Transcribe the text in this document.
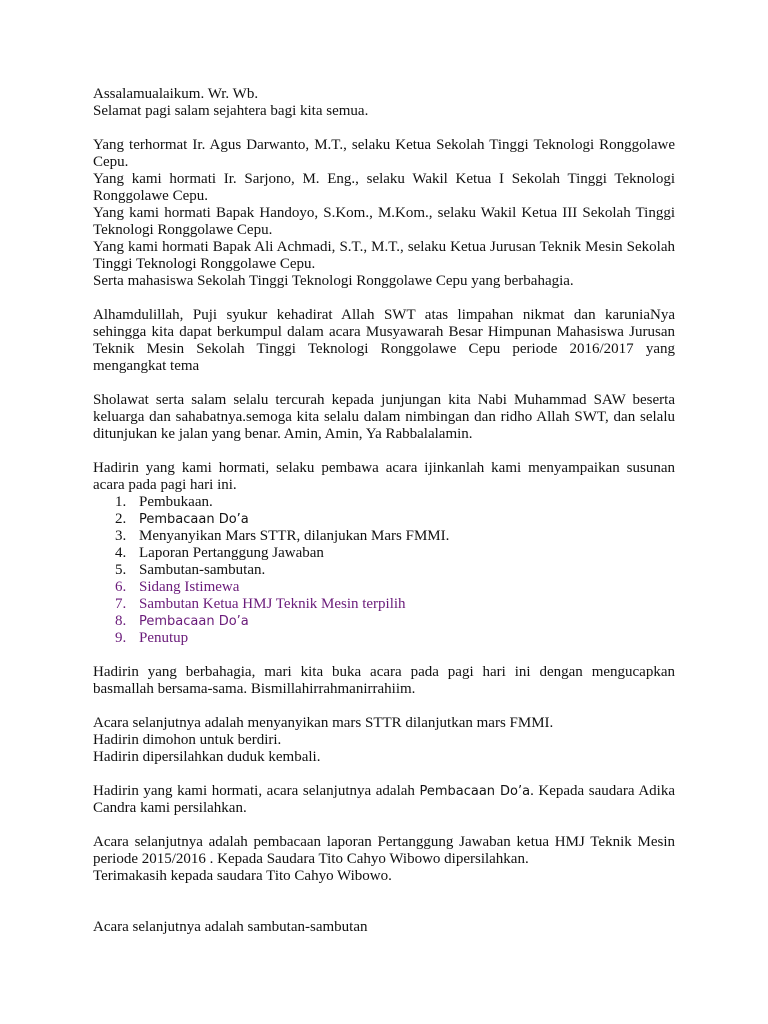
Assalamualaikum. Wr. Wb.

Selamat pagi salam sejahtera bagi kita semua.

Yang terhormat Ir. Agus Darwanto, M.T., selaku Ketua Sekolah Tinggi Teknologi Ronggolawe Cepu.

Yang kami hormati Ir. Sarjono, M. Eng., selaku Wakil Ketua I Sekolah Tinggi Teknologi Ronggolawe Cepu.

Yang kami hormati Bapak Handoyo, S.Kom., M.Kom., selaku Wakil Ketua III Sekolah Tinggi Teknologi Ronggolawe Cepu.

Yang kami hormati Bapak Ali Achmadi, S.T., M.T., selaku Ketua Jurusan Teknik Mesin Sekolah Tinggi Teknologi Ronggolawe Cepu.

Serta mahasiswa Sekolah Tinggi Teknologi Ronggolawe Cepu yang berbahagia.

Alhamdulillah, Puji syukur kehadirat Allah SWT atas limpahan nikmat dan karuniaNya sehingga kita dapat berkumpul dalam acara Musyawarah Besar Himpunan Mahasiswa Jurusan Teknik Mesin Sekolah Tinggi Teknologi Ronggolawe Cepu periode 2016/2017 yang mengangkat tema

Sholawat serta salam selalu tercurah kepada junjungan kita Nabi Muhammad SAW beserta keluarga dan sahabatnya.semoga kita selalu dalam nimbingan dan ridho Allah SWT, dan selalu ditunjukan ke jalan yang benar. Amin, Amin, Ya Rabbalalamin.

Hadirin yang kami hormati, selaku pembawa acara ijinkanlah kami menyampaikan susunan acara pada pagi hari ini.

1. Pembukaan.
2. Pembacaan Do’a
3. Menyanyikan Mars STTR, dilanjukan Mars FMMI.
4. Laporan Pertanggung Jawaban
5. Sambutan-sambutan.
6. Sidang Istimewa
7. Sambutan Ketua HMJ Teknik Mesin terpilih
8. Pembacaan Do’a
9. Penutup

Hadirin yang berbahagia, mari kita buka acara pada pagi hari ini dengan mengucapkan basmallah bersama-sama. Bismillahirrahmanirrahiim.

Acara selanjutnya adalah menyanyikan mars STTR dilanjutkan mars FMMI.

Hadirin dimohon untuk berdiri.

Hadirin dipersilahkan duduk kembali.

Hadirin yang kami hormati, acara selanjutnya adalah Pembacaan Do’a. Kepada saudara Adika Candra kami persilahkan.

Acara selanjutnya adalah pembacaan laporan Pertanggung Jawaban ketua HMJ Teknik Mesin periode 2015/2016 . Kepada Saudara Tito Cahyo Wibowo dipersilahkan.

Terimakasih kepada saudara Tito Cahyo Wibowo.

Acara selanjutnya adalah sambutan-sambutan
